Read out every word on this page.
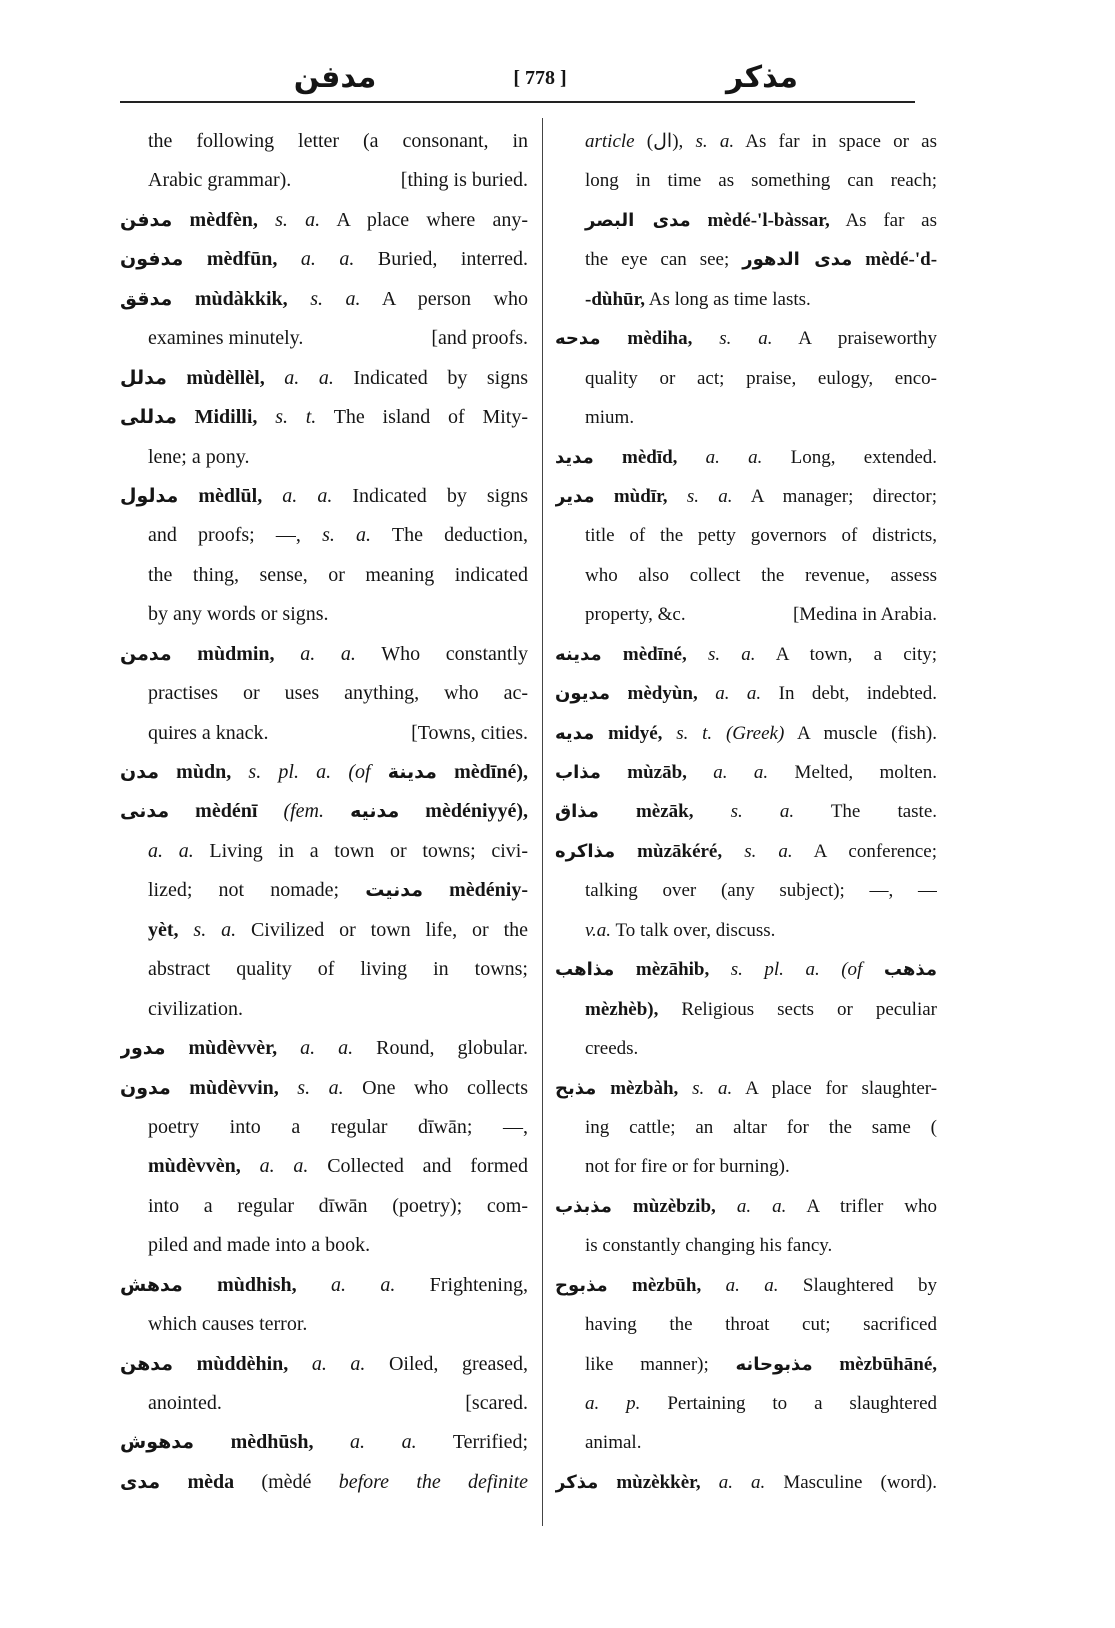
مدفن	[ 778 ]	مذكر
the following letter (a consonant, in
[thing is buried.
Arabic grammar).
مدفن mèdfèn, s. a. A place where any-
مدفون mèdfūn, a. a. Buried, interred.
مدقق mùdàkkik, s. a. A person who
[and proofs.
examines minutely.
مدلل mùdèllèl, a. a. Indicated by signs
مدللى Midilli, s. t. The island of Mity-
lene; a pony.
مدلول mèdlūl, a. a. Indicated by signs
and proofs; —, s. a. The deduction,
the thing, sense, or meaning indicated
by any words or signs.
مدمن mùdmin, a. a. Who constantly
practises or uses anything, who ac-
[Towns, cities.
quires a knack.
مدن mùdn, s. pl. a. (of مدينة mèdīné),
مدنى mèdénī (fem. مدنيه mèdéniyyé),
a. a. Living in a town or towns; civi-
lized; not nomade; مدنيت mèdéniy-
yèt, s. a. Civilized or town life, or the
abstract quality of living in towns;
civilization.
مدور mùdèvvèr, a. a. Round, globular.
مدون mùdèvvin, s. a. One who collects
poetry into a regular dīwān; —,
mùdèvvèn, a. a. Collected and formed
into a regular dīwān (poetry); com-
piled and made into a book.
مدهش mùdhish, a. a. Frightening,
which causes terror.
مدهن mùddèhin, a. a. Oiled, greased,
[scared.
anointed.
مدهوش mèdhūsh, a. a. Terrified;
مدى mèda (mèdé before the definite
article (ال), s. a. As far in space or as
long in time as something can reach;
مدى البصر mèdé-'l-bàssar, As far as
the eye can see; مدى الدهور mèdé-'d-
-dùhūr, As long as time lasts.
مدحه mèdiha, s. a. A praiseworthy
quality or act; praise, eulogy, enco-
mium.
مديد mèdīd, a. a. Long, extended.
مدير mùdīr, s. a. A manager; director;
title of the petty governors of districts,
who also collect the revenue, assess
[Medina in Arabia.
property, &c.
مدينه mèdīné, s. a. A town, a city;
مديون mèdyùn, a. a. In debt, indebted.
مديه midyé, s. t. (Greek) A muscle (fish).
مذاب mùzāb, a. a. Melted, molten.
مذاق mèzāk, s. a. The taste.
مذاكره mùzākéré, s. a. A conference;
talking over (any subject); —, —
v.a. To talk over, discuss.
مذاهب mèzāhib, s. pl. a. (of مذهب
mèzhèb), Religious sects or peculiar
creeds.
مذبح mèzbàh, s. a. A place for slaughter-
ing cattle; an altar for the same (
not for fire or for burning).
مذبذب mùzèbzib, a. a. A trifler who
is constantly changing his fancy.
مذبوح mèzbūh, a. a. Slaughtered by
having the throat cut; sacrificed
like manner); مذبوحانه mèzbūhāné,
a. p. Pertaining to a slaughtered
animal.
مذكر mùzèkkèr, a. a. Masculine (word).
